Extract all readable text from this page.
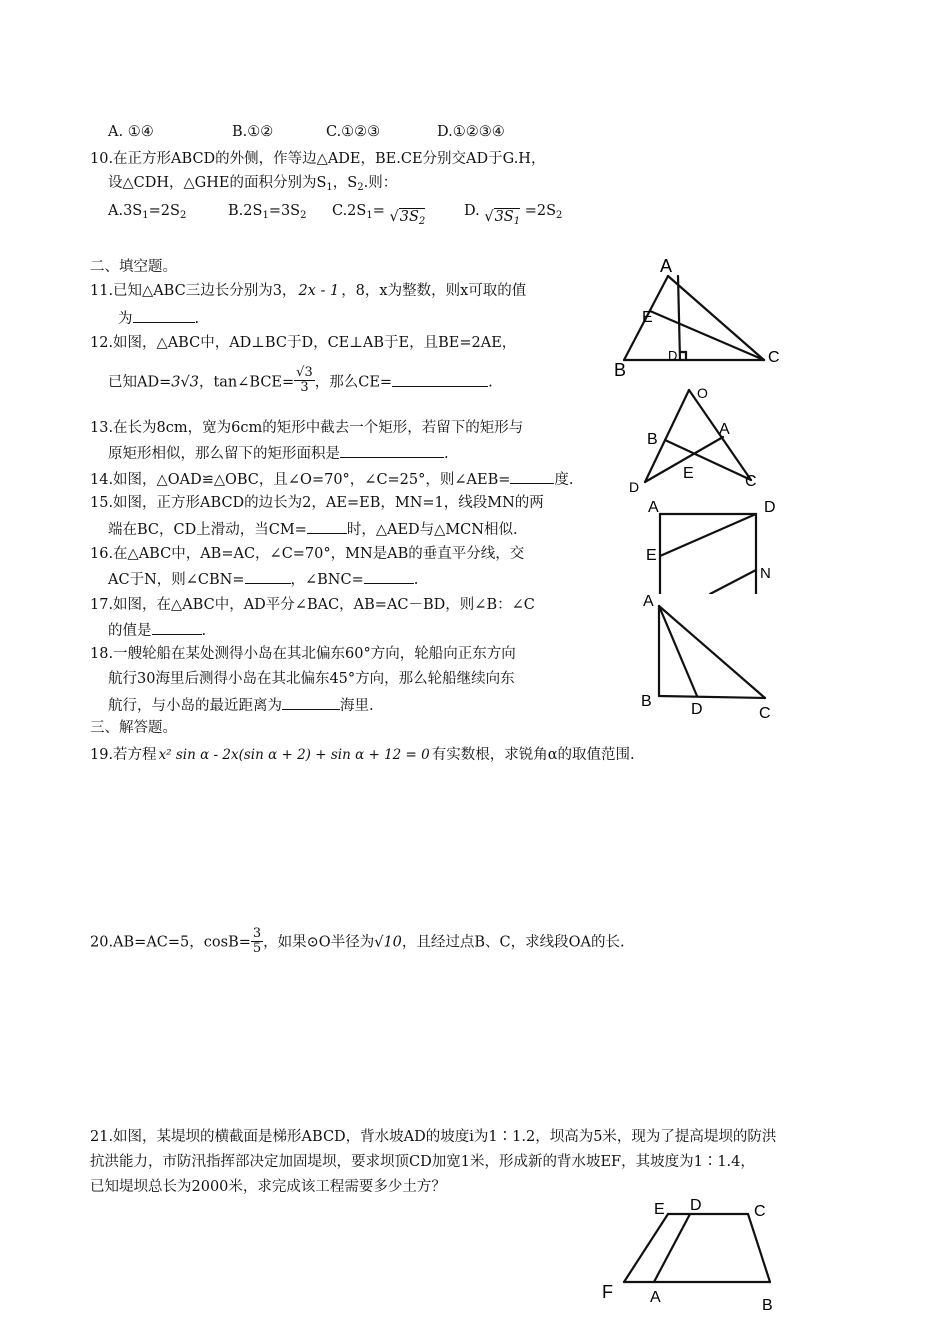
A. ①④	B.①②	C.①②③	D.①②③④
10.在正方形ABCD的外侧，作等边△ADE，BE.CE分别交AD于G.H，
设△CDH，△GHE的面积分别为$S_1$，$S_2$.则：
$A.3S_1=2S_2$	$B.2S_1=3S_2$ $C.2S_1= √3S_2$
D. $√3S_1 =2S_2$
二、填空题。
11.已知△ABC三边长分别为3， 2x - 1 ，8，x为整数，则x可取的值
为	.
12.如图，△ABC中，AD⊥BC于D，CE⊥AB于E，且BE=2AE，
已知AD=3√3，tan∠BCE= $\frac{√3}{3}$ ，那么CE=	.
13.在长为8cm，宽为6cm的矩形中截去一个矩形，若留下的矩形与
原矩形相似，那么留下的矩形面积是	.
14.如图，△OAD≌△OBC，且∠O=70°，∠C=25°，则∠AEB=	度.
15.如图，正方形ABCD的边长为2，AE=EB，MN=1，线段MN的两
端在BC，CD上滑动，当CM=	时，△AED与△MCN相似.
16.在△ABC中，AB=AC，∠C=70°，MN是AB的垂直平分线，交
AC于N，则∠CBN=	，∠BNC=	.
17.如图，在△ABC中，AD平分∠BAC，AB=AC－BD，则∠B：∠C
的值是	.
18.一艘轮船在某处测得小岛在其北偏东60°方向，轮船向正东方向
航行30海里后测得小岛在其北偏东45°方向，那么轮船继续向东
航行，与小岛的最近距离为	海里.
三、解答题。
19.若方程 x² sin α - 2x(sin α + 2) + sin α + 12 = 0 有实数根，求锐角α的取值范围.
20.AB=AC=5，$\cos B= \frac{3}{5}$ ，如果⊙O半径为√10，且经过点B、C，求线段OA的长.
21.如图，某堤坝的横截面是梯形ABCD，背水坡AD的坡度i为1∶1.2，坝高为5米，现为了提高堤坝的防洪
抗洪能力，市防汛指挥部决定加固堤坝，要求坝顶CD加宽1米，形成新的背水坡EF，其坡度为1∶1.4，
已知堤坝总长为2000米，求完成该工程需要多少土方？
A
E
B
D	C
O
B
A
E	C
D
A	D
E
N
A
B D	C
E D	C
F A	B
